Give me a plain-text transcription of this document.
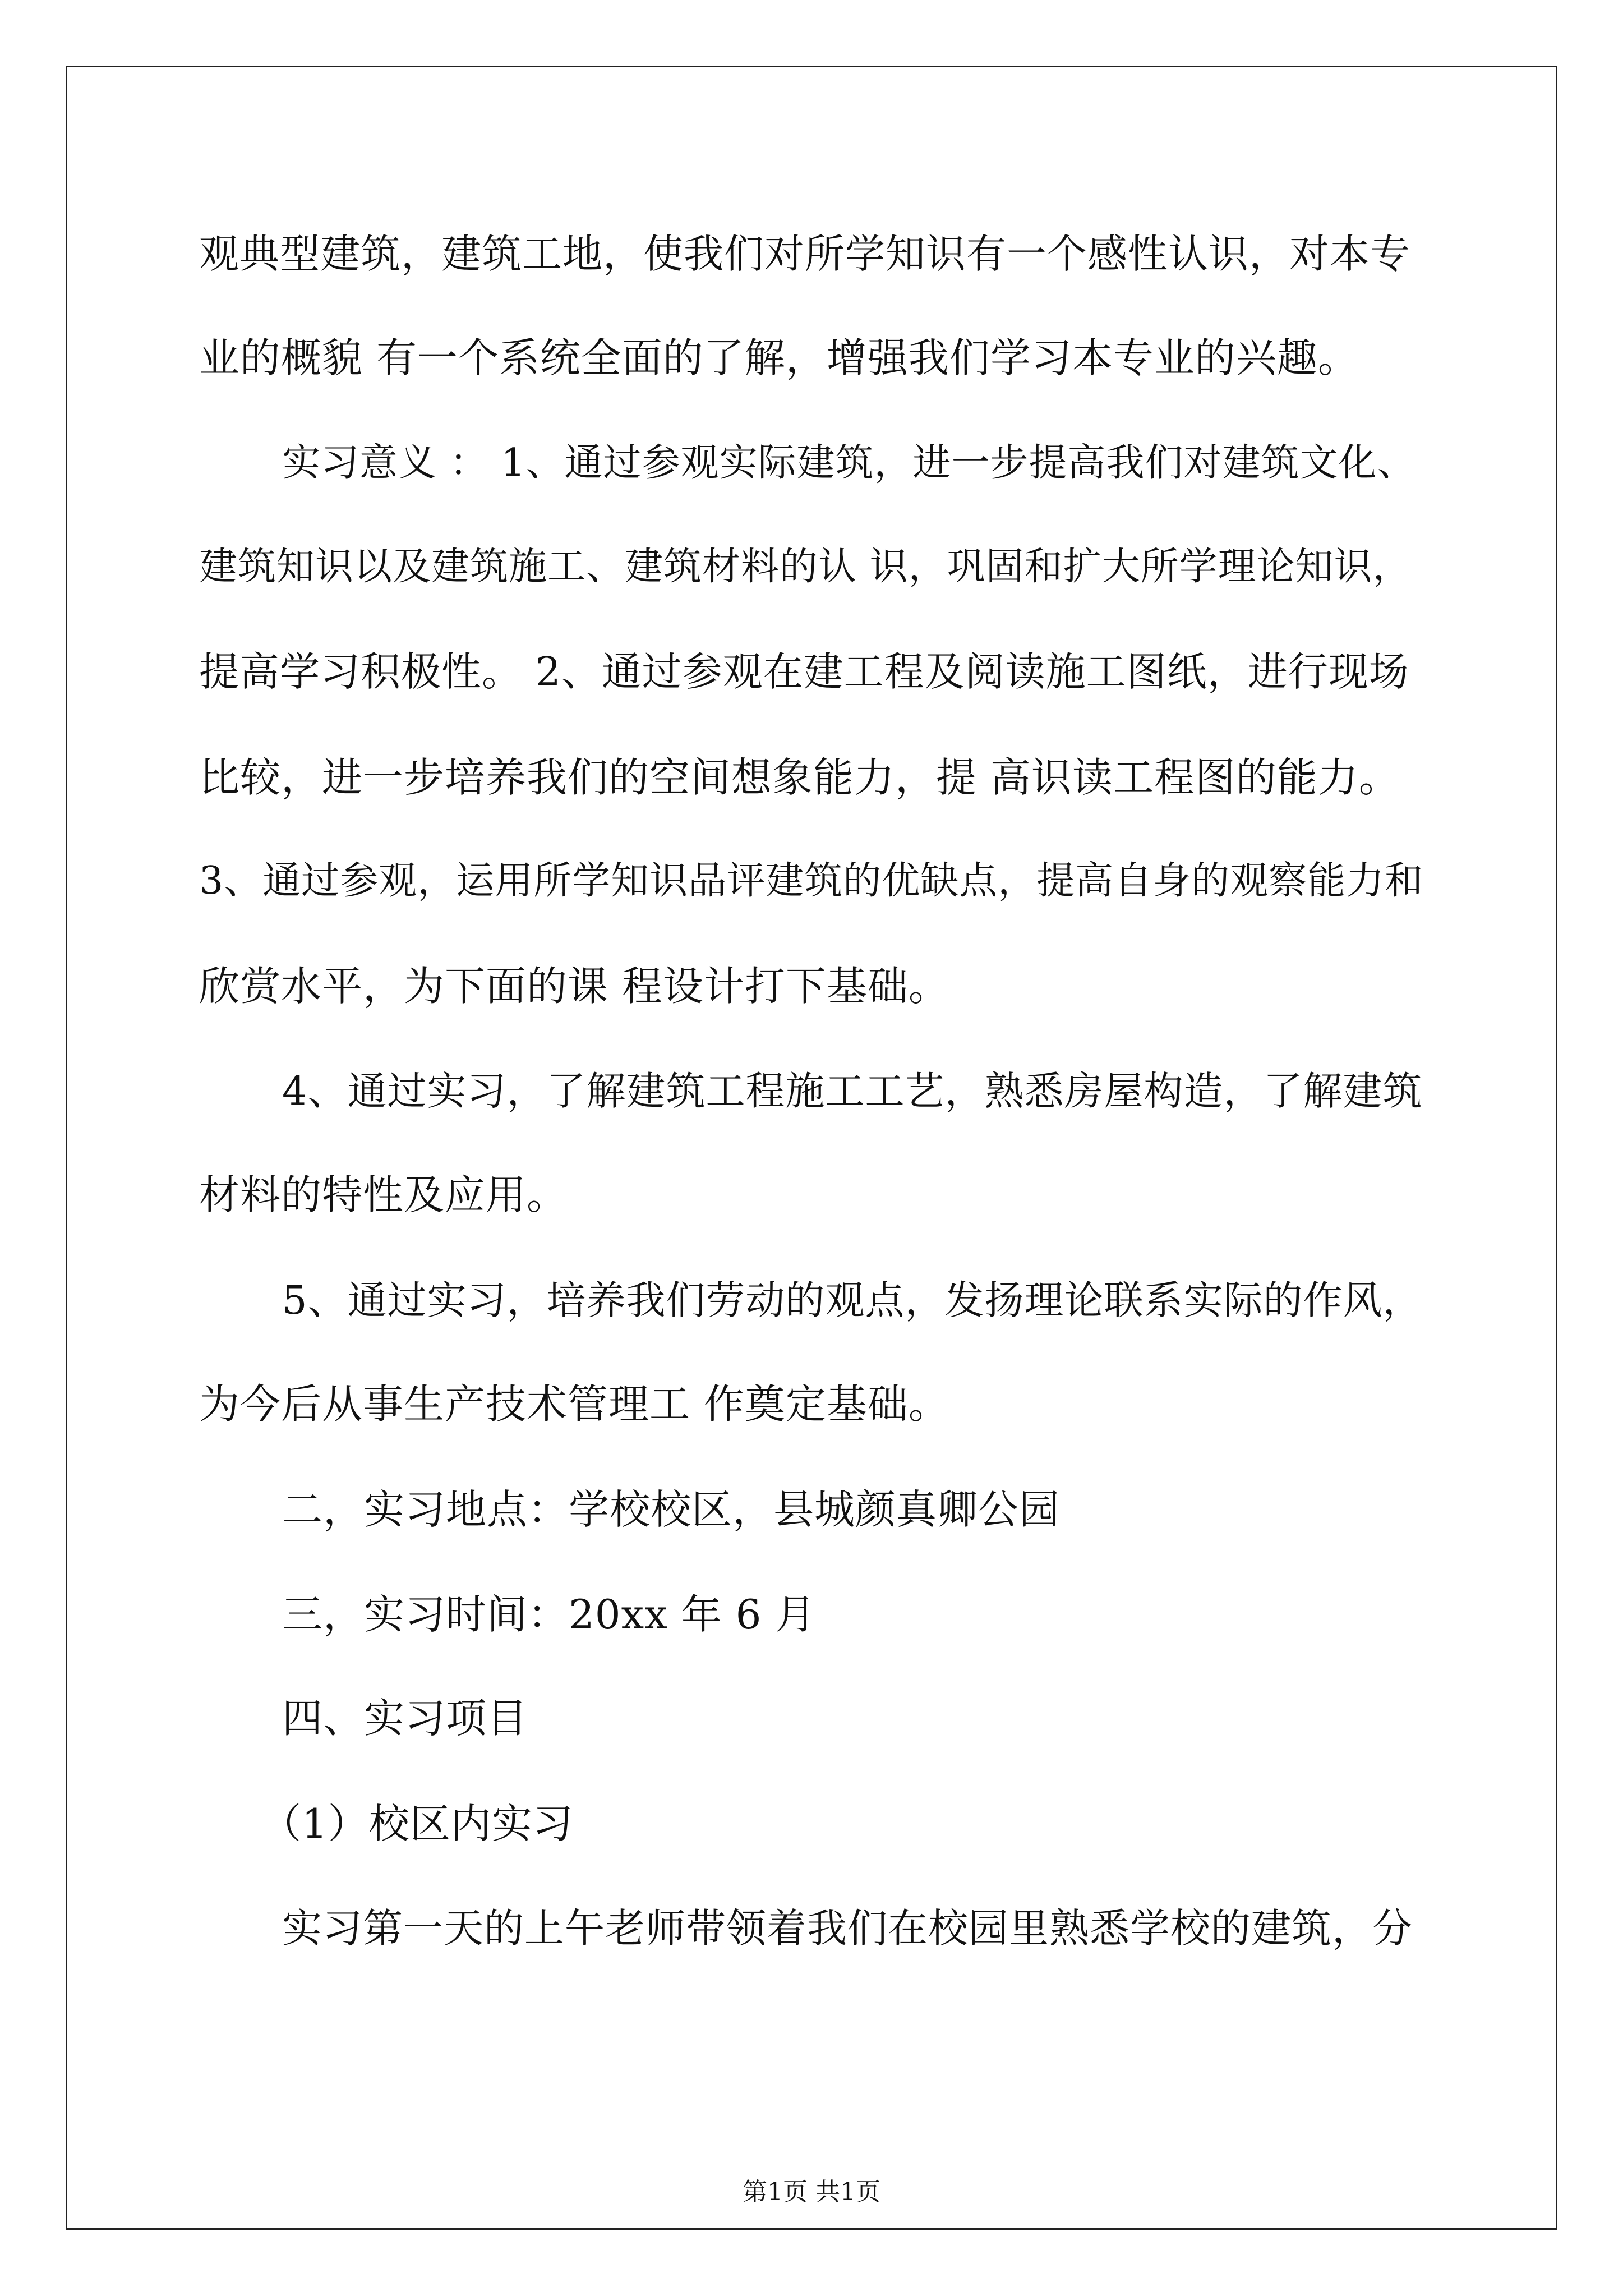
观典型建筑，建筑工地，使我们对所学知识有一个感性认识，对本专
业的概貌 有一个系统全面的了解，增强我们学习本专业的兴趣。
实习意义 ： 1、通过参观实际建筑，进一步提高我们对建筑文化、
建筑知识以及建筑施工、建筑材料的认 识，巩固和扩大所学理论知识，
提高学习积极性。 2、通过参观在建工程及阅读施工图纸，进行现场
比较，进一步培养我们的空间想象能力，提 高识读工程图的能力。
3、通过参观，运用所学知识品评建筑的优缺点，提高自身的观察能力和
欣赏水平，为下面的课 程设计打下基础。
4、通过实习，了解建筑工程施工工艺，熟悉房屋构造，了解建筑
材料的特性及应用。
5、通过实习，培养我们劳动的观点，发扬理论联系实际的作风，
为今后从事生产技术管理工 作奠定基础。
二，实习地点：学校校区，县城颜真卿公园
三，实习时间：20xx 年 6 月
四、实习项目
（1）校区内实习
实习第一天的上午老师带领着我们在校园里熟悉学校的建筑，分
第1页 共1页
